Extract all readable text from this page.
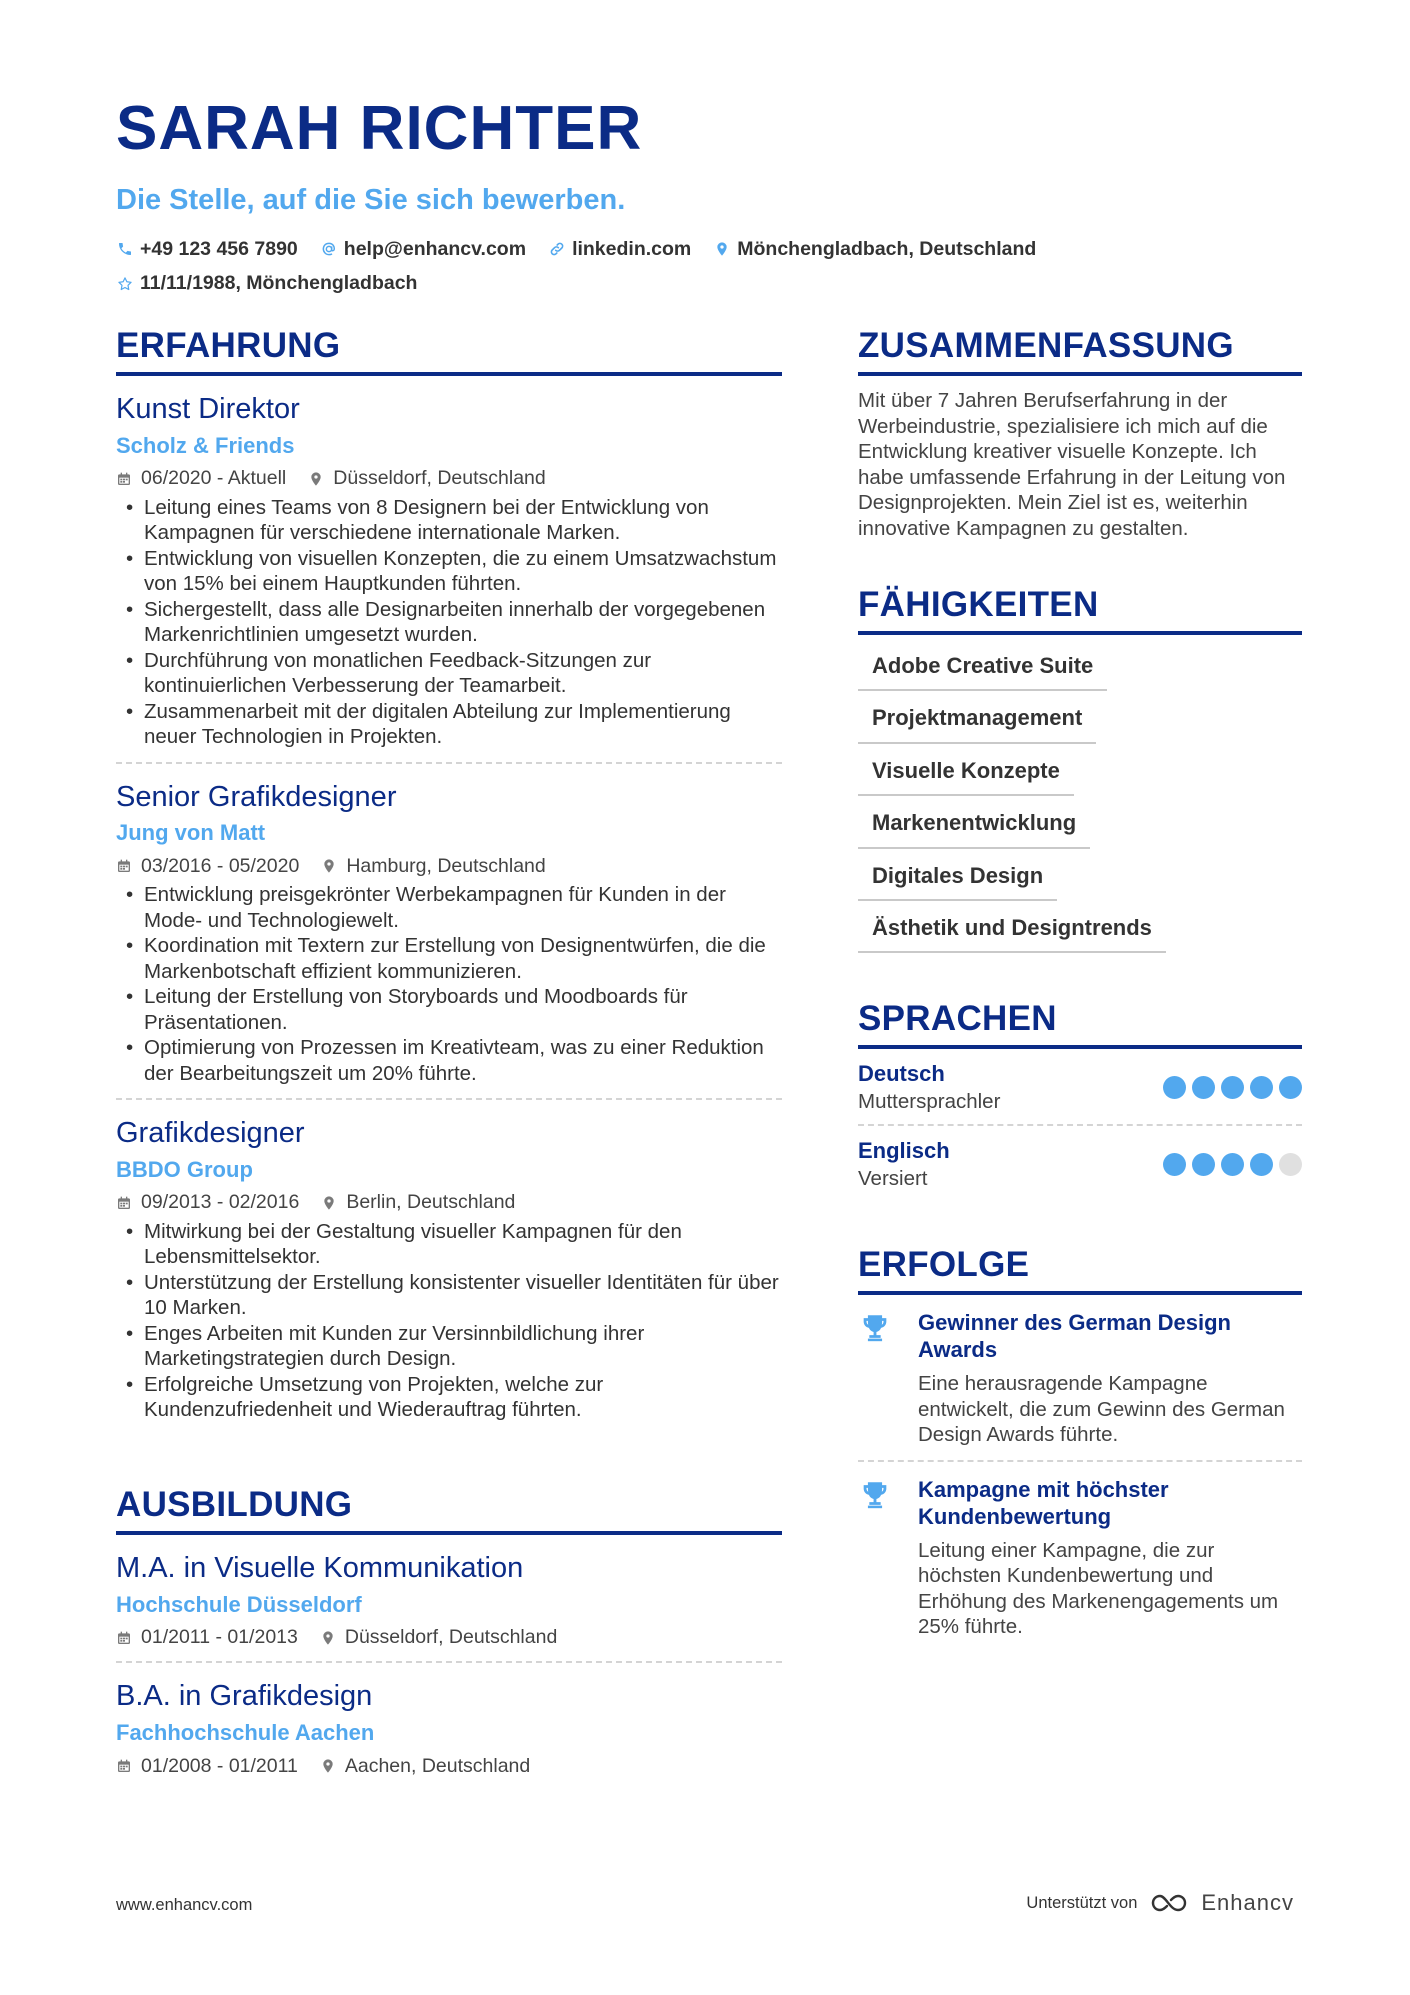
SARAH RICHTER
Die Stelle, auf die Sie sich bewerben.
+49 123 456 7890 help@enhancv.com linkedin.com Mönchengladbach, Deutschland
11/11/1988, Mönchengladbach
ERFAHRUNG
Kunst Direktor
Scholz & Friends
06/2020 - Aktuell Düsseldorf, Deutschland
• Leitung eines Teams von 8 Designern bei der Entwicklung von Kampagnen für verschiedene internationale Marken.
• Entwicklung von visuellen Konzepten, die zu einem Umsatzwachstum von 15% bei einem Hauptkunden führten.
• Sichergestellt, dass alle Designarbeiten innerhalb der vorgegebenen Markenrichtlinien umgesetzt wurden.
• Durchführung von monatlichen Feedback-Sitzungen zur kontinuierlichen Verbesserung der Teamarbeit.
• Zusammenarbeit mit der digitalen Abteilung zur Implementierung neuer Technologien in Projekten.
Senior Grafikdesigner
Jung von Matt
03/2016 - 05/2020 Hamburg, Deutschland
• Entwicklung preisgekrönter Werbekampagnen für Kunden in der Mode- und Technologiewelt.
• Koordination mit Textern zur Erstellung von Designentwürfen, die die Markenbotschaft effizient kommunizieren.
• Leitung der Erstellung von Storyboards und Moodboards für Präsentationen.
• Optimierung von Prozessen im Kreativteam, was zu einer Reduktion der Bearbeitungszeit um 20% führte.
Grafikdesigner
BBDO Group
09/2013 - 02/2016 Berlin, Deutschland
• Mitwirkung bei der Gestaltung visueller Kampagnen für den Lebensmittelsektor.
• Unterstützung der Erstellung konsistenter visueller Identitäten für über 10 Marken.
• Enges Arbeiten mit Kunden zur Versinnbildlichung ihrer Marketingstrategien durch Design.
• Erfolgreiche Umsetzung von Projekten, welche zur Kundenzufriedenheit und Wiederauftrag führten.
AUSBILDUNG
M.A. in Visuelle Kommunikation
Hochschule Düsseldorf
01/2011 - 01/2013 Düsseldorf, Deutschland
B.A. in Grafikdesign
Fachhochschule Aachen
01/2008 - 01/2011 Aachen, Deutschland
ZUSAMMENFASSUNG
Mit über 7 Jahren Berufserfahrung in der Werbeindustrie, spezialisiere ich mich auf die Entwicklung kreativer visuelle Konzepte. Ich habe umfassende Erfahrung in der Leitung von Designprojekten. Mein Ziel ist es, weiterhin innovative Kampagnen zu gestalten.
FÄHIGKEITEN
Adobe Creative Suite
Projektmanagement
Visuelle Konzepte
Markenentwicklung
Digitales Design
Ästhetik und Designtrends
SPRACHEN
Deutsch
Muttersprachler
Englisch
Versiert
ERFOLGE
Gewinner des German Design Awards
Eine herausragende Kampagne entwickelt, die zum Gewinn des German Design Awards führte.
Kampagne mit höchster Kundenbewertung
Leitung einer Kampagne, die zur höchsten Kundenbewertung und Erhöhung des Markenengagements um 25% führte.
www.enhancv.com	Unterstützt von	Enhancv
